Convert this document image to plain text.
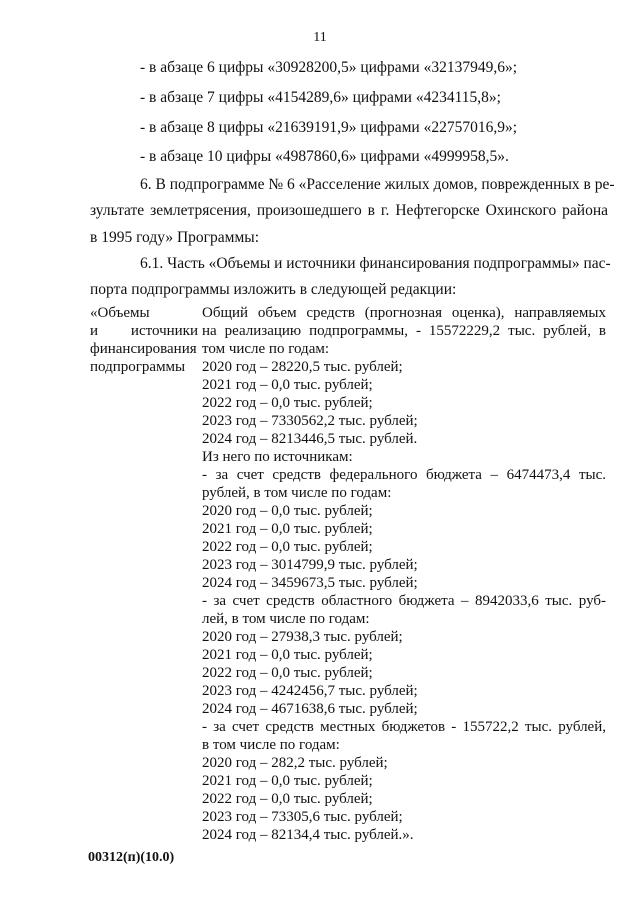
11
- в абзаце 6 цифры «30928200,5» цифрами «32137949,6»;
- в абзаце 7 цифры «4154289,6» цифрами «4234115,8»;
- в абзаце 8 цифры «21639191,9» цифрами «22757016,9»;
- в абзаце 10 цифры «4987860,6» цифрами «4999958,5».
6. В подпрограмме № 6 «Расселение жилых домов, поврежденных в ре-
зультате землетрясения, произошедшего в г. Нефтегорске Охинского района
в 1995 году» Программы:
6.1. Часть «Объемы и источники финансирования подпрограммы» пас-
порта подпрограммы изложить в следующей редакции:
«Объемы
и источники
финансирования
подпрограммы
Общий объем средств (прогнозная оценка), направляемых
на реализацию подпрограммы, - 15572229,2 тыс. рублей, в
том числе по годам:
2020 год – 28220,5 тыс. рублей;
2021 год – 0,0 тыс. рублей;
2022 год – 0,0 тыс. рублей;
2023 год – 7330562,2 тыс. рублей;
2024 год – 8213446,5 тыс. рублей.
Из него по источникам:
- за счет средств федерального бюджета – 6474473,4 тыс.
рублей, в том числе по годам:
2020 год – 0,0 тыс. рублей;
2021 год – 0,0 тыс. рублей;
2022 год – 0,0 тыс. рублей;
2023 год – 3014799,9 тыс. рублей;
2024 год – 3459673,5 тыс. рублей;
- за счет средств областного бюджета – 8942033,6 тыс. руб-
лей, в том числе по годам:
2020 год – 27938,3 тыс. рублей;
2021 год – 0,0 тыс. рублей;
2022 год – 0,0 тыс. рублей;
2023 год – 4242456,7 тыс. рублей;
2024 год – 4671638,6 тыс. рублей;
- за счет средств местных бюджетов - 155722,2 тыс. рублей,
в том числе по годам:
2020 год – 282,2 тыс. рублей;
2021 год – 0,0 тыс. рублей;
2022 год – 0,0 тыс. рублей;
2023 год – 73305,6 тыс. рублей;
2024 год – 82134,4 тыс. рублей.».
00312(п)(10.0)
